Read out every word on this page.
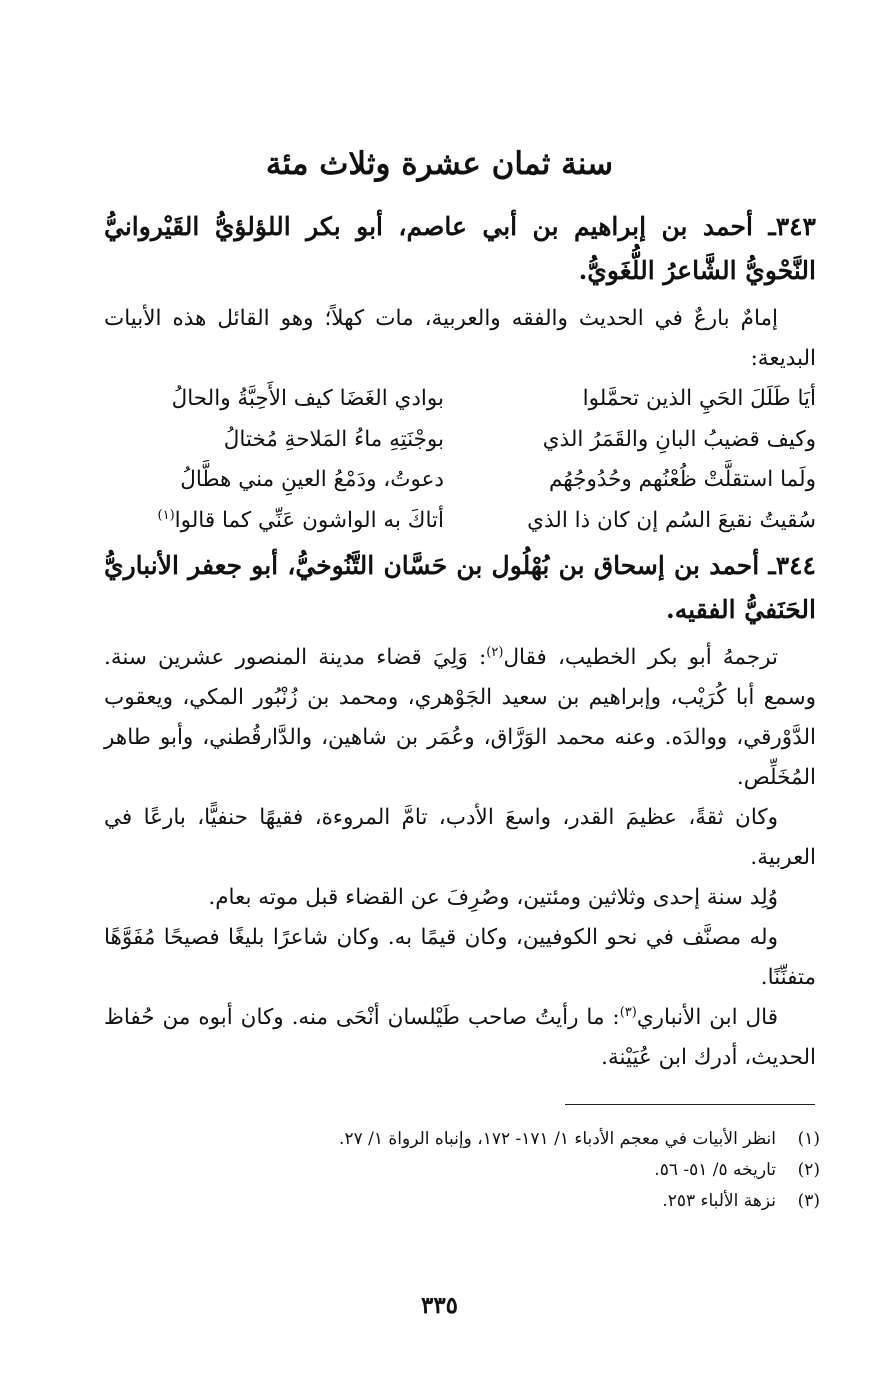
سنة ثمان عشرة وثلاث مئة

٣٤٣ـ أحمد بن إبراهيم بن أبي عاصم، أبو بكر اللؤلؤيُّ القَيْروانيُّ النَّحْويُّ الشَّاعرُ اللُّغَويُّ.

إمامٌ بارعٌ في الحديث والفقه والعربية، مات كهلاً؛ وهو القائل هذه الأبيات البديعة:

أيَا طَلَلَ الحَيِ الذين تحمَّلوا
بوادي الغَضَا كيف الأَحِبَّةُ والحالُ
وكيف قضيبُ البانِ والقَمَرُ الذي
بوجْنَتِهِ ماءُ المَلاحةِ مُختالُ
ولَما استقلَّتْ ظُعْنُهم وحُدُوجُهُم
دعوتُ، ودَمْعُ العينِ مني هطَّالُ
سُقيتُ نقيعَ السُم إن كان ذا الذي
أتاكَ به الواشون عَنِّي كما قالوا$^{(١)}$

٣٤٤ـ أحمد بن إسحاق بن بُهْلُول بن حَسَّان التَّنُوخيُّ، أبو جعفر الأنباريُّ الحَنَفيُّ الفقيه.

ترجمهُ أبو بكر الخطيب، فقال$^{(٢)}$: وَلِيَ قضاء مدينة المنصور عشرين سنة. وسمع أبا كُرَيْب، وإبراهيم بن سعيد الجَوْهري، ومحمد بن زُنْبُور المكي، ويعقوب الدَّوْرقي، ووالدَه. وعنه محمد الوَرَّاق، وعُمَر بن شاهين، والدَّارقُطني، وأبو طاهر المُخَلِّص.

وكان ثقةً، عظيمَ القدر، واسعَ الأدب، تامَّ المروءة، فقيهًا حنفيًّا، بارعًا في العربية.

وُلِد سنة إحدى وثلاثين ومئتين، وصُرِفَ عن القضاء قبل موته بعام.

وله مصنَّف في نحو الكوفيين، وكان قيمًا به. وكان شاعرًا بليغًا فصيحًا مُفَوَّهًا متفنِّنًا.

قال ابن الأنباري$^{(٣)}$: ما رأيتُ صاحب طَيْلسان أنْحَى منه. وكان أبوه من حُفاظ الحديث، أدرك ابن عُيَيْنة.

(١)
انظر الأبيات في معجم الأدباء ١/ ١٧١- ١٧٢، وإنباه الرواة ١/ ٢٧.
(٢)
تاريخه ٥/ ٥١- ٥٦.
(٣)
نزهة الألباء ٢٥٣.
٣٣٥
